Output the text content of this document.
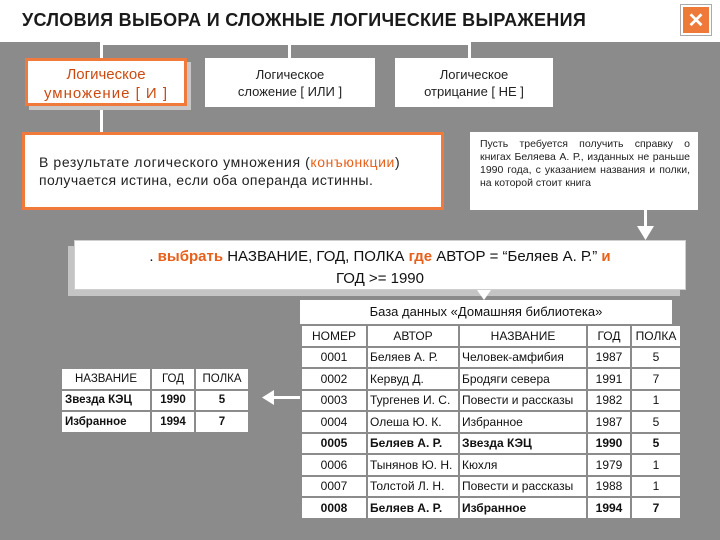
УСЛОВИЯ ВЫБОРА И СЛОЖНЫЕ ЛОГИЧЕСКИЕ ВЫРАЖЕНИЯ	✕
Логическое
умножение [ И ]
Логическое
сложение [ ИЛИ ]
Логическое
отрицание [ НЕ ]
В результате логического умножения (конъюнкции)
получается истина, если оба операнда истинны.
Пусть требуется получить справку о книгах Беляева А. Р., изданных не раньше 1990 года, с указанием названия и полки, на которой стоит книга
. выбрать НАЗВАНИЕ, ГОД, ПОЛКА где АВТОР = “Беляев А. Р.” и
ГОД >= 1990
База данных «Домашняя библиотека»
НОМЕР	АВТОР	НАЗВАНИЕ	ГОД	ПОЛКА
0001	Беляев А. Р.	Человек-амфибия	1987	5
0002	Кервуд Д.	Бродяги севера	1991	7
0003	Тургенев И. С.	Повести и рассказы	1982	1
0004	Олеша Ю. К.	Избранное	1987	5
0005	Беляев А. Р.	Звезда КЭЦ	1990	5
0006	Тынянов Ю. Н.	Кюхля	1979	1
0007	Толстой Л. Н.	Повести и рассказы	1988	1
0008	Беляев А. Р.	Избранное	1994	7
НАЗВАНИЕ	ГОД	ПОЛКА
Звезда КЭЦ	1990	5
Избранное	1994	7
